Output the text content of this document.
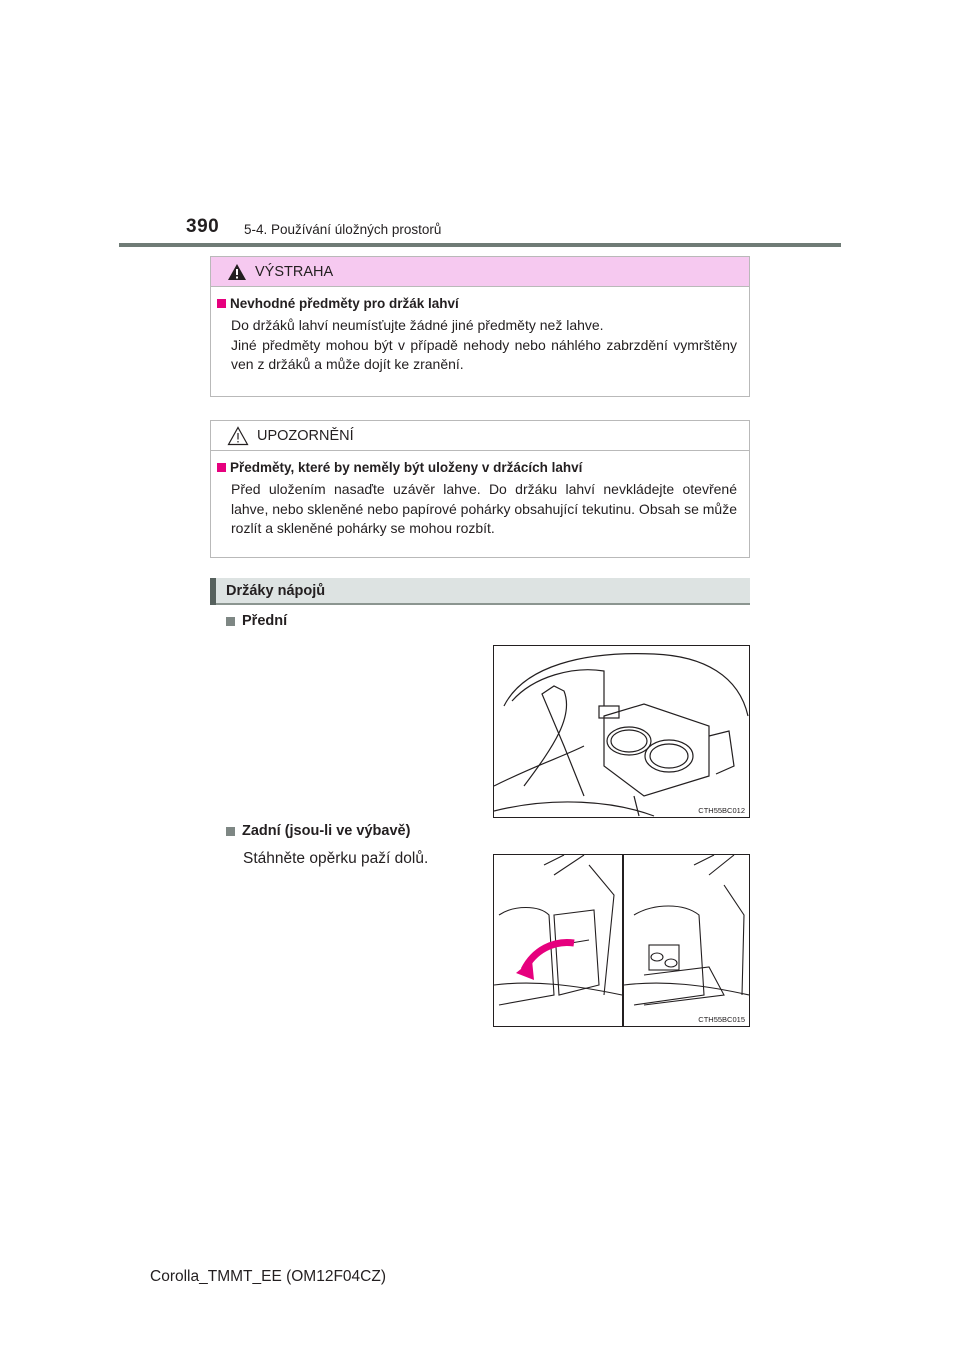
390 5-4. Používání úložných prostorů
VÝSTRAHA
Nevhodné předměty pro držák lahví
Do držáků lahví neumísťujte žádné jiné předměty než lahve.
Jiné předměty mohou být v případě nehody nebo náhlého zabrzdění vymrštěny ven z držáků a může dojít ke zranění.
UPOZORNĚNÍ
Předměty, které by neměly být uloženy v držácích lahví
Před uložením nasaďte uzávěr lahve. Do držáku lahví nevkládejte otevřené lahve, nebo skleněné nebo papírové pohárky obsahující tekutinu. Obsah se může rozlít a skleněné pohárky se mohou rozbít.
Držáky nápojů
Přední
CTH55BC012
Zadní (jsou-li ve výbavě)
Stáhněte opěrku paží dolů.
CTH55BC015
Corolla_TMMT_EE (OM12F04CZ)
